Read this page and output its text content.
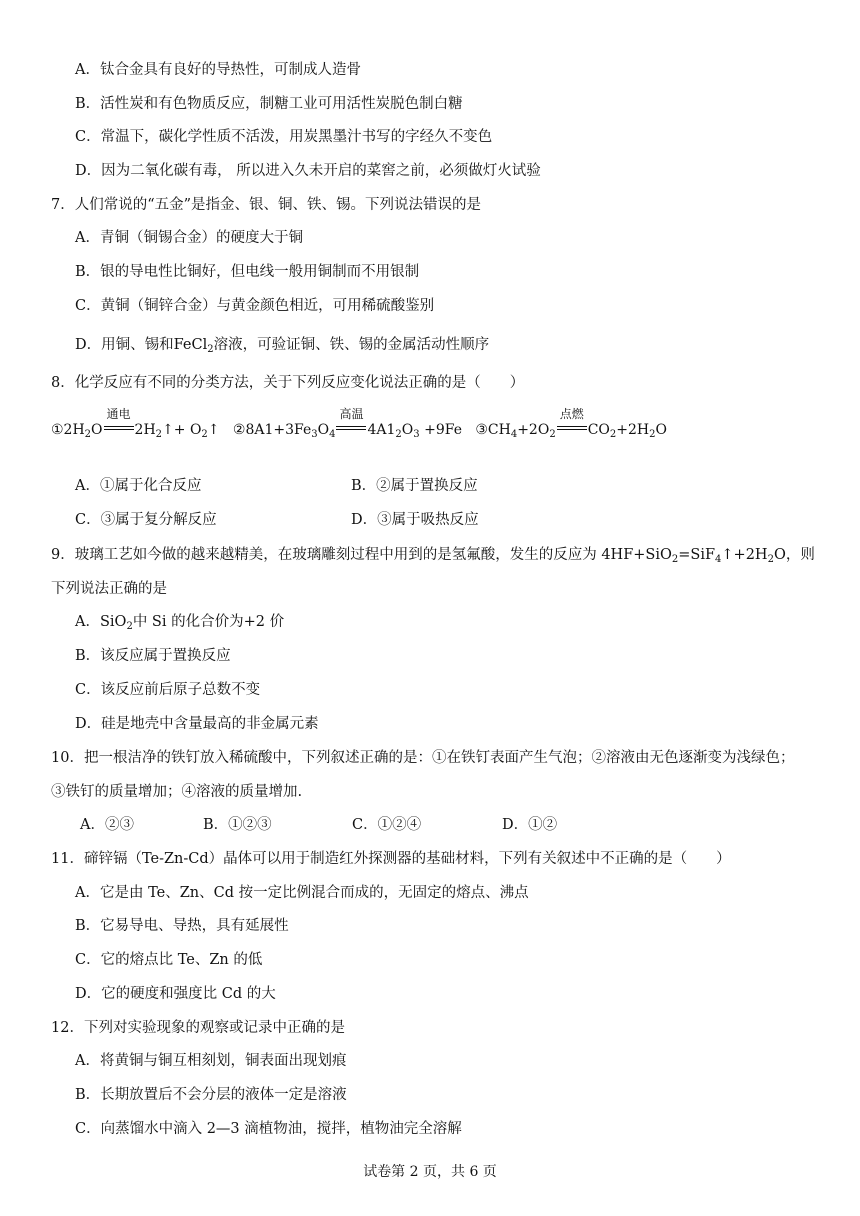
A．钛合金具有良好的导热性，可制成人造骨
B．活性炭和有色物质反应，制糖工业可用活性炭脱色制白糖
C．常温下，碳化学性质不活泼，用炭黑墨汁书写的字经久不变色
D．因为二氧化碳有毒， 所以进入久未开启的菜窖之前，必须做灯火试验
7．人们常说的“五金”是指金、银、铜、铁、锡。下列说法错误的是
A．青铜（铜锡合金）的硬度大于铜
B．银的导电性比铜好，但电线一般用铜制而不用银制
C．黄铜（铜锌合金）与黄金颜色相近，可用稀硫酸鉴别
D．用铜、锡和FeCl$_2$溶液，可验证铜、铁、锡的金属活动性顺序
8．化学反应有不同的分类方法，关于下列反应变化说法正确的是（　　）
$①2H_2O$
通电
$2H_2↑+$ $O_2↑$ $②8A1+3Fe_3O_4$
高温
$4A1_2O_3 +9Fe$ $③CH_4+2O_2$
点燃
$CO_2+2H_2O$
A．①属于化合反应	B．②属于置换反应
C．③属于复分解反应	D．③属于吸热反应
9．玻璃工艺如今做的越来越精美，在玻璃雕刻过程中用到的是氢氟酸，发生的反应为 $4HF+SiO_2=SiF_4↑+2H_2O$，则
下列说法正确的是
A．SiO$_2$中 Si 的化合价为+2 价
B．该反应属于置换反应
C．该反应前后原子总数不变
D．硅是地壳中含量最高的非金属元素
10．把一根洁净的铁钉放入稀硫酸中，下列叙述正确的是：①在铁钉表面产生气泡；②溶液由无色逐渐变为浅绿色；
③铁钉的质量增加；④溶液的质量增加.
A．②③	B．①②③	C．①②④	D．①②
11．碲锌镉（Te-Zn-Cd）晶体可以用于制造红外探测器的基础材料，下列有关叙述中不正确的是（　　）
A．它是由 Te、Zn、Cd 按一定比例混合而成的，无固定的熔点、沸点
B．它易导电、导热，具有延展性
C．它的熔点比 Te、Zn 的低
D．它的硬度和强度比 Cd 的大
12．下列对实验现象的观察或记录中正确的是
A．将黄铜与铜互相刻划，铜表面出现划痕
B．长期放置后不会分层的液体一定是溶液
C．向蒸馏水中滴入 2—3 滴植物油，搅拌，植物油完全溶解
试卷第 2 页，共 6 页
